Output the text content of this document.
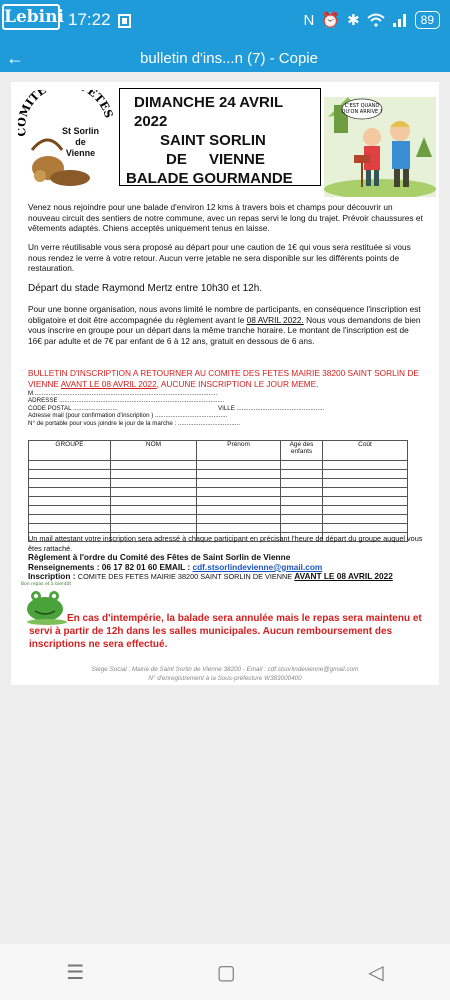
Lebini 17:22	N ⏰ ✱	89
←	bulletin d'ins...n (7) - Copie
MITE ÊTES
St Sorlin
de
Vienne
DIMANCHE 24 AVRIL 2022
SAINT SORLIN
DE VIENNE
BALADE GOURMANDE
C'EST QUAND
QU'ON ARRIVE ?
Venez nous rejoindre pour une balade d'environ 12 kms à travers bois et champs pour découvrir un nouveau circuit des sentiers de notre commune, avec un repas servi le long du trajet. Prévoir chaussures et vêtements adaptés. Chiens acceptés uniquement tenus en laisse.
Un verre réutilisable vous sera proposé au départ pour une caution de 1€ qui vous sera restituée si vous nous rendez le verre à votre retour. Aucun verre jetable ne sera disponible sur les différents points de restauration.
Départ du stade Raymond Mertz entre 10h30 et 12h.
Pour une bonne organisation, nous avons limité le nombre de participants, en conséquence l'inscription est obligatoire et doit être accompagnée du règlement avant le 08 AVRIL 2022. Nous vous demandons de bien vous inscrire en groupe pour un départ dans la même tranche horaire. Le montant de l'inscription est de 16€ par adulte et de 7€ par enfant de 6 à 12 ans, gratuit en dessous de 6 ans.
BULLETIN D'INSCRIPTION A RETOURNER AU COMITE DES FETES MAIRIE 38200 SAINT SORLIN DE VIENNE AVANT LE 08 AVRIL 2022, AUCUNE INSCRIPTION LE JOUR MEME.
M ..........................................................................................................
ADRESSE ................................................................................................
CODE POSTAL ..........................	VILLE ...................................................
Adresse mail (pour confirmation d'inscription ) ..........................................
N° de portable pour vous joindre le jour de la marche : ....................................
GROUPE	NOM	Prénom	Age des enfants	Coût

Un mail attestant votre inscription sera adressé à chaque participant en précisant l'heure de départ du groupe auquel vous êtes rattaché.
Règlement à l'ordre du Comité des Fêtes de Saint Sorlin de Vienne
Renseignements : 06 17 82 01 60 EMAIL : cdf.stsorlindevienne@gmail.com
Inscription : COMITE DES FETES MAIRIE 38200 SAINT SORLIN DE VIENNE AVANT LE 08 AVRIL 2022
Bon repas et à bientôt
En cas d'intempérie, la balade sera annulée mais le repas sera maintenu et
servi à partir de 12h dans les salles municipales. Aucun remboursement des inscriptions ne sera effectué.
Siège Social : Mairie de Saint Sorlin de Vienne 38200 - Email : cdf.stsorlindevienne@gmail.com
N° d'enregistrement à la Sous-préfecture W383000400
☰	▢	◁
